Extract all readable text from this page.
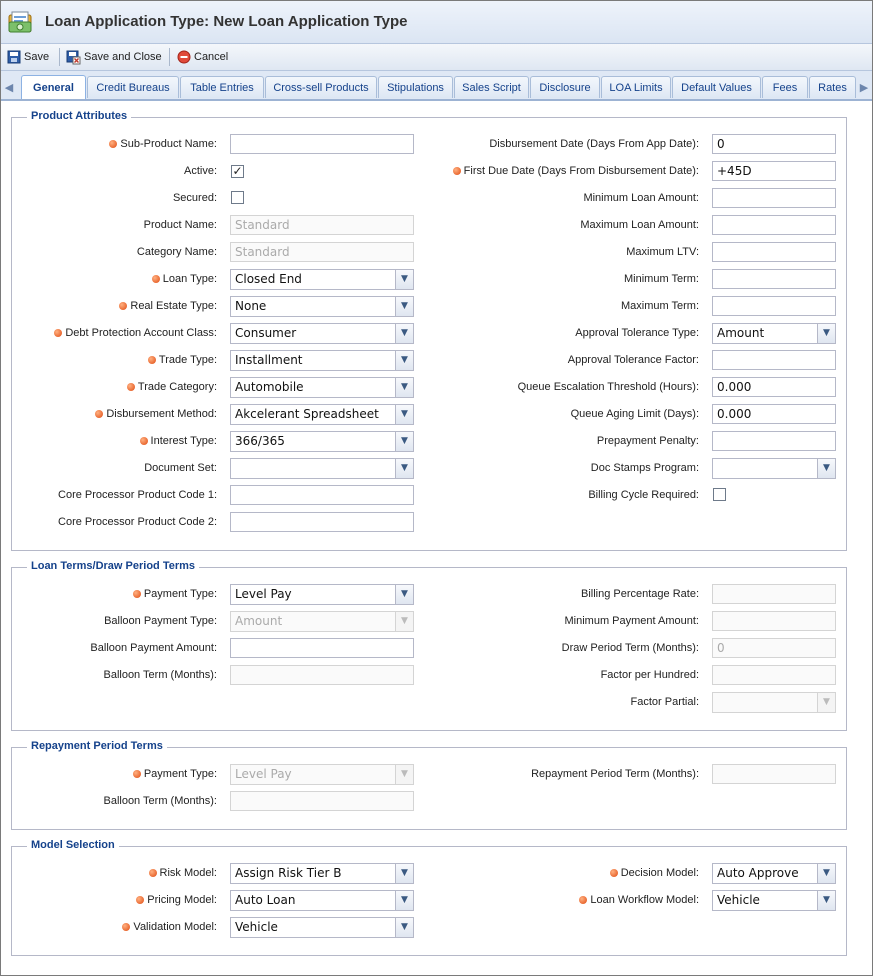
Loan Application Type: New Loan Application Type
Save	Save and Close	Cancel
◀	General	Credit Bureaus	Table Entries	Cross-sell Products	Stipulations	Sales Script	Disclosure	LOA Limits	Default Values	Fees	Rates	▶
Product Attributes
Sub-Product Name:
Active: ✓
Secured:
Product Name:	Standard
Category Name:	Standard
Loan Type:	Closed End	▼
Real Estate Type:	None	▼
Debt Protection Account Class:	Consumer	▼
Trade Type:	Installment	▼
Trade Category:	Automobile	▼
Disbursement Method:	Akcelerant Spreadsheet	▼
Interest Type:	366/365	▼
Document Set:	▼
Core Processor Product Code 1:
Core Processor Product Code 2:
Disbursement Date (Days From App Date):	0
First Due Date (Days From Disbursement Date):	+45D
Minimum Loan Amount:
Maximum Loan Amount:
Maximum LTV:
Minimum Term:
Maximum Term:
Approval Tolerance Type:	Amount	▼
Approval Tolerance Factor:
Queue Escalation Threshold (Hours):	0.000
Queue Aging Limit (Days):	0.000
Prepayment Penalty:
Doc Stamps Program:	▼
Billing Cycle Required:
Loan Terms/Draw Period Terms
Payment Type:	Level Pay	▼
Balloon Payment Type:	Amount	▼
Balloon Payment Amount:
Balloon Term (Months):
Billing Percentage Rate:
Minimum Payment Amount:
Draw Period Term (Months):	0
Factor per Hundred:
Factor Partial:	▼
Repayment Period Terms
Payment Type:	Level Pay	▼
Balloon Term (Months):
Repayment Period Term (Months):
Model Selection
Risk Model:	Assign Risk Tier B	▼
Pricing Model:	Auto Loan	▼
Validation Model:	Vehicle	▼
Decision Model:	Auto Approve	▼
Loan Workflow Model:	Vehicle	▼
